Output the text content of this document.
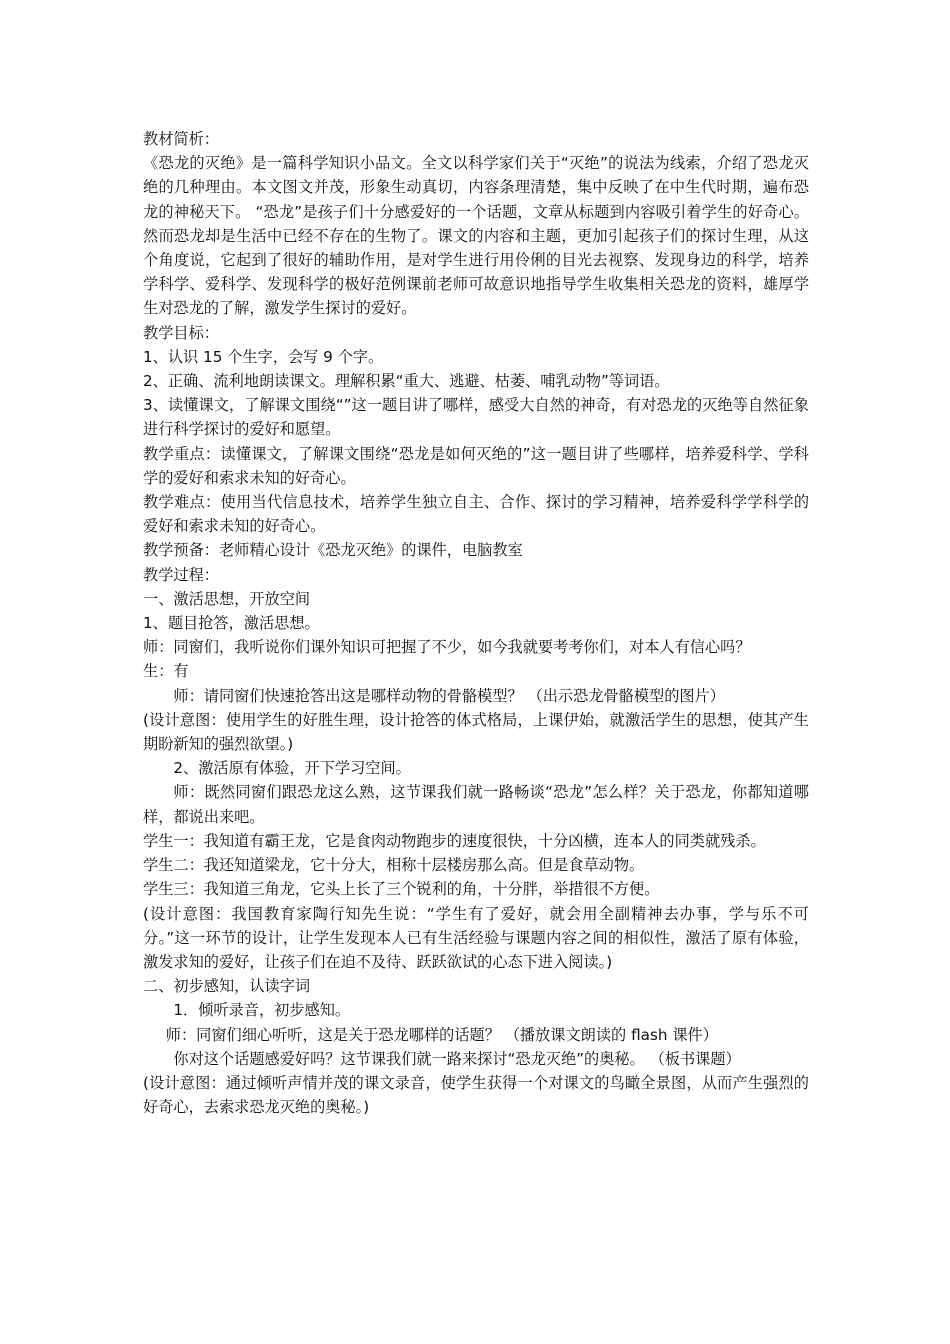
教材简析：

《恐龙的灭绝》是一篇科学知识小品文。全文以科学家们关于“灭绝”的说法为线索，介绍了恐龙灭绝的几种理由。本文图文并茂，形象生动真切，内容条理清楚，集中反映了在中生代时期，遍布恐龙的神秘天下。 “恐龙”是孩子们十分感爱好的一个话题，文章从标题到内容吸引着学生的好奇心。然而恐龙却是生活中已经不存在的生物了。课文的内容和主题，更加引起孩子们的探讨生理，从这个角度说，它起到了很好的辅助作用，是对学生进行用伶俐的目光去视察、发现身边的科学，培养学科学、爱科学、发现科学的极好范例课前老师可故意识地指导学生收集相关恐龙的资料，雄厚学生对恐龙的了解，激发学生探讨的爱好。

教学目标：

1、认识 15 个生字，会写 9 个字。

2、正确、流利地朗读课文。理解积累“重大、逃避、枯萎、哺乳动物”等词语。

3、读懂课文，了解课文围绕“”这一题目讲了哪样，感受大自然的神奇，有对恐龙的灭绝等自然征象进行科学探讨的爱好和愿望。

教学重点：读懂课文，了解课文围绕“恐龙是如何灭绝的”这一题目讲了些哪样，培养爱科学、学科学的爱好和索求未知的好奇心。

教学难点：使用当代信息技术，培养学生独立自主、合作、探讨的学习精神，培养爱科学学科学的爱好和索求未知的好奇心。

教学预备：老师精心设计《恐龙灭绝》的课件，电脑教室

教学过程：

一、激活思想，开放空间

1、题目抢答，激活思想。

师：同窗们，我听说你们课外知识可把握了不少，如今我就要考考你们，对本人有信心吗？

生：有

师：请同窗们快速抢答出这是哪样动物的骨骼模型？ （出示恐龙骨骼模型的图片）

(设计意图：使用学生的好胜生理，设计抢答的体式格局，上课伊始，就激活学生的思想，使其产生期盼新知的强烈欲望。)

2、激活原有体验，开下学习空间。

师：既然同窗们跟恐龙这么熟，这节课我们就一路畅谈“恐龙”怎么样？关于恐龙，你都知道哪样，都说出来吧。

学生一：我知道有霸王龙，它是食肉动物跑步的速度很快，十分凶横，连本人的同类就残杀。

学生二：我还知道梁龙，它十分大，相称十层楼房那么高。但是食草动物。

学生三：我知道三角龙，它头上长了三个锐利的角，十分胖，举措很不方便。

(设计意图：我国教育家陶行知先生说：“学生有了爱好，就会用全副精神去办事，学与乐不可分。”这一环节的设计，让学生发现本人已有生活经验与课题内容之间的相似性，激活了原有体验，激发求知的爱好，让孩子们在迫不及待、跃跃欲试的心态下进入阅读。)

二、初步感知，认读字词

1．倾听录音，初步感知。

师：同窗们细心听听，这是关于恐龙哪样的话题？ （播放课文朗读的 flash 课件）

你对这个话题感爱好吗？这节课我们就一路来探讨“恐龙灭绝”的奥秘。 （板书课题）

(设计意图：通过倾听声情并茂的课文录音，使学生获得一个对课文的鸟瞰全景图，从而产生强烈的好奇心，去索求恐龙灭绝的奥秘。)
